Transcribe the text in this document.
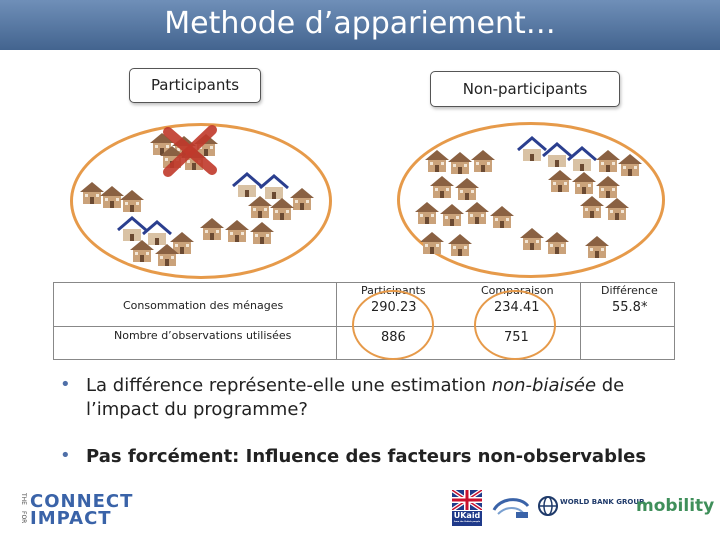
Methode d’appariement…
Participants	Non-participants
Participants	Comparaison	Différence
Consommation des ménages	290.23	234.41	55.8*
Nombre d’observations utilisées	886	751
• La différence représente-elle une estimation non-biaisée de l’impact du programme?
• Pas forcément: Influence des facteurs non-observables
THE CONNECT
FOR IMPACT	UKaid
from the British people
WORLD BANK GROUP
mobility
